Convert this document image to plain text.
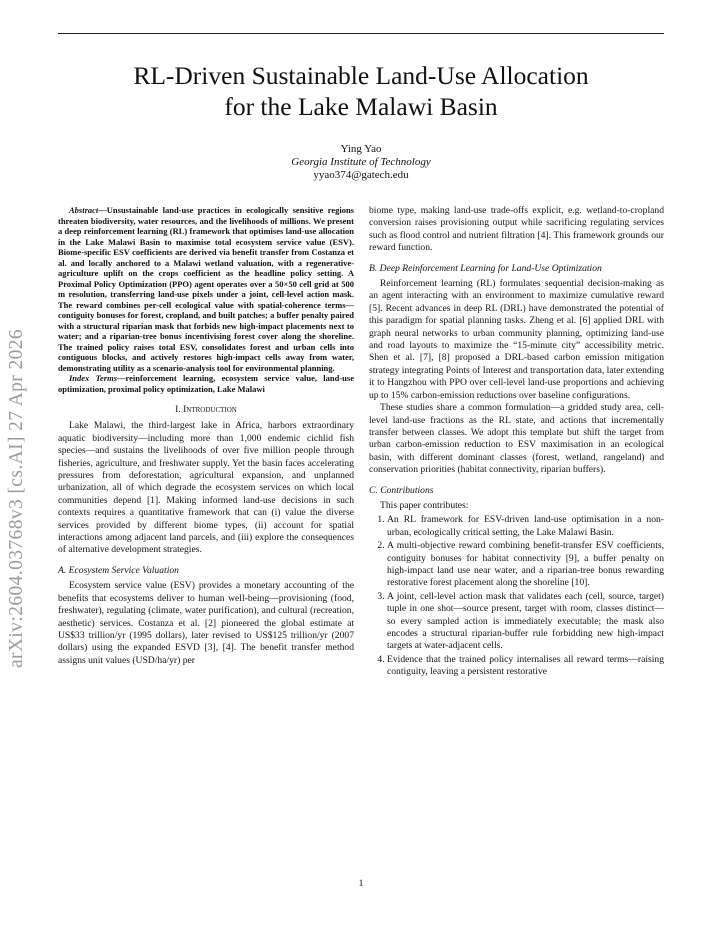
arXiv:2604.03768v3 [cs.AI] 27 Apr 2026
RL-Driven Sustainable Land-Use Allocation
for the Lake Malawi Basin
Ying Yao
Georgia Institute of Technology
yyao374@gatech.edu

Abstract—Unsustainable land-use practices in ecologically sensitive regions threaten biodiversity, water resources, and the livelihoods of millions. We present a deep reinforcement learning (RL) framework that optimises land-use allocation in the Lake Malawi Basin to maximise total ecosystem service value (ESV). Biome-specific ESV coefficients are derived via benefit transfer from Costanza et al. and locally anchored to a Malawi wetland valuation, with a regenerative-agriculture uplift on the crops coefficient as the headline policy setting. A Proximal Policy Optimization (PPO) agent operates over a 50×50 cell grid at 500 m resolution, transferring land-use pixels under a joint, cell-level action mask. The reward combines per-cell ecological value with spatial-coherence terms—contiguity bonuses for forest, cropland, and built patches; a buffer penalty paired with a structural riparian mask that forbids new high-impact placements next to water; and a riparian-tree bonus incentivising forest cover along the shoreline. The trained policy raises total ESV, consolidates forest and urban cells into contiguous blocks, and actively restores high-impact cells away from water, demonstrating utility as a scenario-analysis tool for environmental planning.

Index Terms—reinforcement learning, ecosystem service value, land-use optimization, proximal policy optimization, Lake Malawi

I. Introduction

Lake Malawi, the third-largest lake in Africa, harbors extraordinary aquatic biodiversity—including more than 1,000 endemic cichlid fish species—and sustains the livelihoods of over five million people through fisheries, agriculture, and freshwater supply. Yet the basin faces accelerating pressures from deforestation, agricultural expansion, and unplanned urbanization, all of which degrade the ecosystem services on which local communities depend [1]. Making informed land-use decisions in such contexts requires a quantitative framework that can (i) value the diverse services provided by different biome types, (ii) account for spatial interactions among adjacent land parcels, and (iii) explore the consequences of alternative development strategies.

A. Ecosystem Service Valuation

Ecosystem service value (ESV) provides a monetary accounting of the benefits that ecosystems deliver to human well-being—provisioning (food, freshwater), regulating (climate, water purification), and cultural (recreation, aesthetic) services. Costanza et al. [2] pioneered the global estimate at US$33 trillion/yr (1995 dollars), later revised to US$125 trillion/yr (2007 dollars) using the expanded ESVD [3], [4]. The benefit transfer method assigns unit values (USD/ha/yr) per

biome type, making land-use trade-offs explicit, e.g. wetland-to-cropland conversion raises provisioning output while sacrificing regulating services such as flood control and nutrient filtration [4]. This framework grounds our reward function.

B. Deep Reinforcement Learning for Land-Use Optimization

Reinforcement learning (RL) formulates sequential decision-making as an agent interacting with an environment to maximize cumulative reward [5]. Recent advances in deep RL (DRL) have demonstrated the potential of this paradigm for spatial planning tasks. Zheng et al. [6] applied DRL with graph neural networks to urban community planning, optimizing land-use and road layouts to maximize the “15-minute city” accessibility metric. Shen et al. [7], [8] proposed a DRL-based carbon emission mitigation strategy integrating Points of Interest and transportation data, later extending it to Hangzhou with PPO over cell-level land-use proportions and achieving up to 15% carbon-emission reductions over baseline configurations.

These studies share a common formulation—a gridded study area, cell-level land-use fractions as the RL state, and actions that incrementally transfer between classes. We adopt this template but shift the target from urban carbon-emission reduction to ESV maximisation in an ecological basin, with different dominant classes (forest, wetland, rangeland) and conservation priorities (habitat connectivity, riparian buffers).

C. Contributions

This paper contributes:

1. An RL framework for ESV-driven land-use optimisation in a non-urban, ecologically critical setting, the Lake Malawi Basin.
2. A multi-objective reward combining benefit-transfer ESV coefficients, contiguity bonuses for habitat connectivity [9], a buffer penalty on high-impact land use near water, and a riparian-tree bonus rewarding restorative forest placement along the shoreline [10].
3. A joint, cell-level action mask that validates each (cell, source, target) tuple in one shot—source present, target with room, classes distinct—so every sampled action is immediately executable; the mask also encodes a structural riparian-buffer rule forbidding new high-impact targets at water-adjacent cells.
4. Evidence that the trained policy internalises all reward terms—raising contiguity, leaving a persistent restorative
1
